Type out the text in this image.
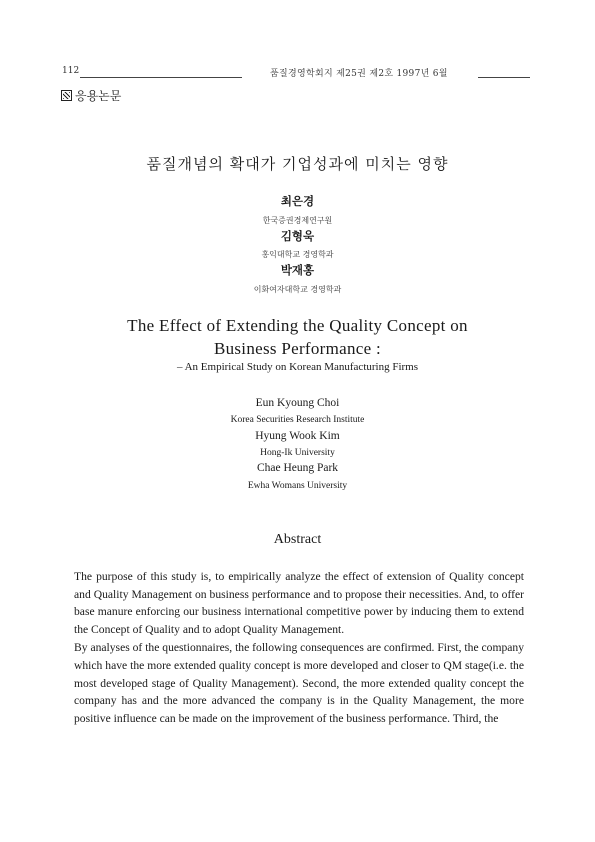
112	품질경영학회지 제25권 제2호 1997년 6월
응용논문
품질개념의 확대가 기업성과에 미치는 영향
최은경
한국증권경제연구원
김형욱
홍익대학교 경영학과
박재홍
이화여자대학교 경영학과
The Effect of Extending the Quality Concept on
Business Performance :
– An Empirical Study on Korean Manufacturing Firms
Eun Kyoung Choi
Korea Securities Research Institute
Hyung Wook Kim
Hong-Ik University
Chae Heung Park
Ewha Womans University
Abstract

The purpose of this study is, to empirically analyze the effect of extension of Quality concept and Quality Management on business performance and to propose their necessities. And, to offer base manure enforcing our business international competitive power by inducing them to extend the Concept of Quality and to adopt Quality Management.

By analyses of the questionnaires, the following consequences are confirmed. First, the company which have the more extended quality concept is more developed and closer to QM stage(i.e. the most developed stage of Quality Management). Second, the more extended quality concept the company has and the more advanced the company is in the Quality Management, the more positive influence can be made on the improvement of the business performance. Third, the
